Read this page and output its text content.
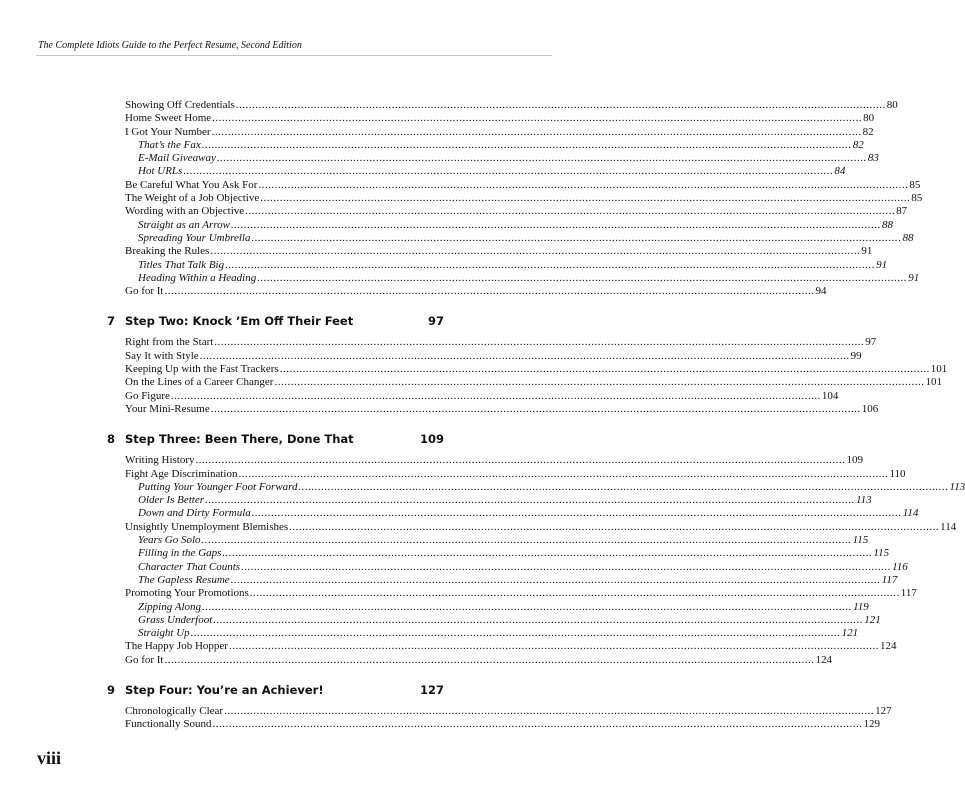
The Complete Idiots Guide to the Perfect Resume, Second Edition
Showing Off Credentials ........................................................................................................................................................................................................ 80
Home Sweet Home ........................................................................................................................................................................................................ 80
I Got Your Number ........................................................................................................................................................................................................ 82
That’s the Fax ........................................................................................................................................................................................................ 82
E-Mail Giveaway ........................................................................................................................................................................................................ 83
Hot URLs ........................................................................................................................................................................................................ 84
Be Careful What You Ask For ........................................................................................................................................................................................................ 85
The Weight of a Job Objective ........................................................................................................................................................................................................ 85
Wording with an Objective ........................................................................................................................................................................................................ 87
Straight as an Arrow ........................................................................................................................................................................................................ 88
Spreading Your Umbrella ........................................................................................................................................................................................................ 88
Breaking the Rules ........................................................................................................................................................................................................ 91
Titles That Talk Big ........................................................................................................................................................................................................ 91
Heading Within a Heading ........................................................................................................................................................................................................ 91
Go for It ........................................................................................................................................................................................................ 94
7 Step Two: Knock ’Em Off Their Feet	97
Right from the Start ........................................................................................................................................................................................................ 97
Say It with Style ........................................................................................................................................................................................................ 99
Keeping Up with the Fast Trackers ........................................................................................................................................................................................................ 101
On the Lines of a Career Changer ........................................................................................................................................................................................................ 101
Go Figure ........................................................................................................................................................................................................ 104
Your Mini-Resume ........................................................................................................................................................................................................ 106
8 Step Three: Been There, Done That	109
Writing History ........................................................................................................................................................................................................ 109
Fight Age Discrimination ........................................................................................................................................................................................................ 110
Putting Your Younger Foot Forward ........................................................................................................................................................................................................ 113
Older Is Better ........................................................................................................................................................................................................ 113
Down and Dirty Formula ........................................................................................................................................................................................................ 114
Unsightly Unemployment Blemishes ........................................................................................................................................................................................................ 114
Years Go Solo ........................................................................................................................................................................................................ 115
Filling in the Gaps ........................................................................................................................................................................................................ 115
Character That Counts ........................................................................................................................................................................................................ 116
The Gapless Resume ........................................................................................................................................................................................................ 117
Promoting Your Promotions ........................................................................................................................................................................................................ 117
Zipping Along ........................................................................................................................................................................................................ 119
Grass Underfoot ........................................................................................................................................................................................................ 121
Straight Up ........................................................................................................................................................................................................ 121
The Happy Job Hopper ........................................................................................................................................................................................................ 124
Go for It ........................................................................................................................................................................................................ 124
9 Step Four: You’re an Achiever!	127
Chronologically Clear ........................................................................................................................................................................................................ 127
Functionally Sound ........................................................................................................................................................................................................ 129
viii
